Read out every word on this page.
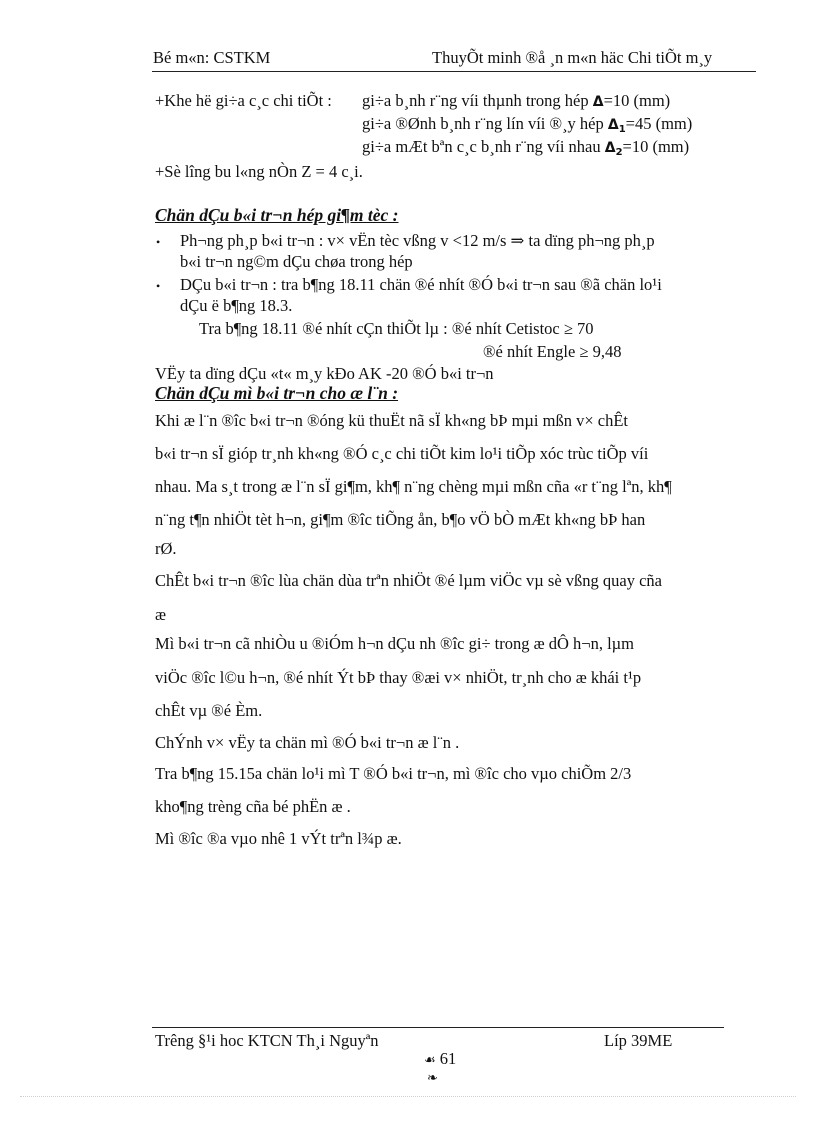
Bé m«n: CSTKM	ThuyÕt minh ®å ¸n m«n häc Chi tiÕt m¸y
+Khe hë gi÷a c¸c chi tiÕt : gi÷a b¸nh r¨ng víi thµnh trong hép Δ=10 (mm)
gi÷a ®Ønh b¸nh r¨ng lín víi ®¸y hép $\Delta_1=45$ (mm)
gi÷a mÆt bªn c¸c b¸nh r¨ng víi nhau $\Delta_2=10$ (mm)
+Sè lîng bu l«ng nÒn Z = 4 c¸i.
Chän dÇu b«i tr¬n hép gi¶m tèc :
• Ph¬ng ph¸p b«i tr¬n : v× vËn tèc vßng v <12 m/s ⇒ ta dïng ph¬ng ph¸p
b«i tr¬n ng©m dÇu chøa trong hép
• DÇu b«i tr¬n : tra b¶ng 18.11 chän ®é nhít ®Ó b«i tr¬n sau ®ã chän lo¹i
dÇu ë b¶ng 18.3.
Tra b¶ng 18.11 ®é nhít cÇn thiÕt lµ : ®é nhít Cetistoc ≥ 70
®é nhít Engle ≥ 9,48
VËy ta dïng dÇu «t« m¸y kÐo AK -20 ®Ó b«i tr¬n
Chän dÇu mì b«i tr¬n cho æ l¨n :
Khi æ l¨n ®îc b«i tr¬n ®óng kü thuËt nã sÏ kh«ng bÞ mµi mßn v× chÊt
b«i tr¬n sÏ gióp tr¸nh kh«ng ®Ó c¸c chi tiÕt kim lo¹i tiÕp xóc trùc tiÕp víi
nhau. Ma s¸t trong æ l¨n sÏ gi¶m, kh¶ n¨ng chèng mµi mßn cña «r t¨ng lªn, kh¶
n¨ng t¶n nhiÖt tèt h¬n, gi¶m ®îc tiÕng ån, b¶o vÖ bÒ mÆt kh«ng bÞ han
rØ.
ChÊt b«i tr¬n ®îc lùa chän dùa trªn nhiÖt ®é lµm viÖc vµ sè vßng quay cña
æ
Mì b«i tr¬n cã nhiÒu u ®iÓm h¬n dÇu nh ®îc gi÷ trong æ dÔ h¬n, lµm
viÖc ®îc l©u h¬n, ®é nhít Ýt bÞ thay ®æi v× nhiÖt, tr¸nh cho æ khái t¹p
chÊt vµ ®é Èm.
ChÝnh v× vËy ta chän mì ®Ó b«i tr¬n æ l¨n .
Tra b¶ng 15.15a chän lo¹i mì T ®Ó b«i tr¬n, mì ®îc cho vµo chiÕm 2/3
kho¶ng trèng cña bé phËn æ .
Mì ®îc ®a vµo nhê 1 vÝt trªn l¾p æ.
Trêng §¹i hoc KTCN Th¸i Nguyªn	Líp 39ME
☙ 61
❧
